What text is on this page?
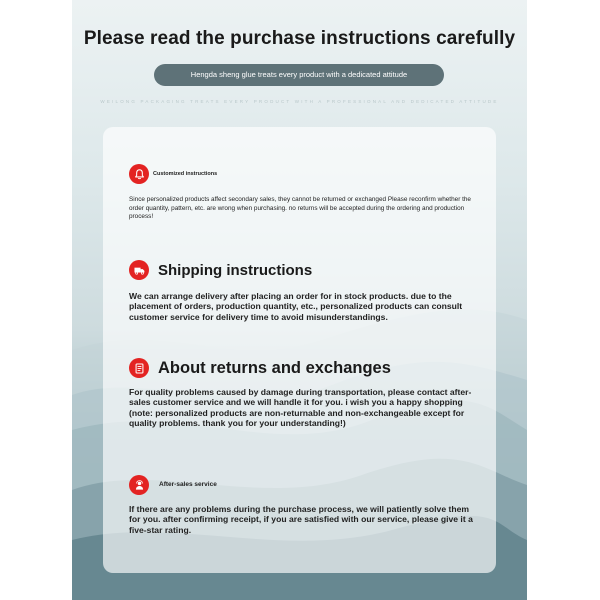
Please read the purchase instructions carefully
Hengda sheng glue treats every product with a dedicated attitude
WEILONG PACKAGING TREATS EVERY PRODUCT WITH A PROFESSIONAL AND DEDICATED ATTITUDE
Customized instructions
Since personalized products affect secondary sales, they cannot be returned or exchanged Please reconfirm whether the order quantity, pattern, etc. are wrong when purchasing. no returns will be accepted during the ordering and production process!
Shipping instructions
We can arrange delivery after placing an order for in stock products. due to the placement of orders, production quantity, etc., personalized products can consult customer service for delivery time to avoid misunderstandings.
About returns and exchanges
For quality problems caused by damage during transportation, please contact after-sales customer service and we will handle it for you. i wish you a happy shopping (note: personalized products are non-returnable and non-exchangeable except for quality problems. thank you for your understanding!)
After-sales service
If there are any problems during the purchase process, we will patiently solve them for you. after confirming receipt, if you are satisfied with our service, please give it a five-star rating.
